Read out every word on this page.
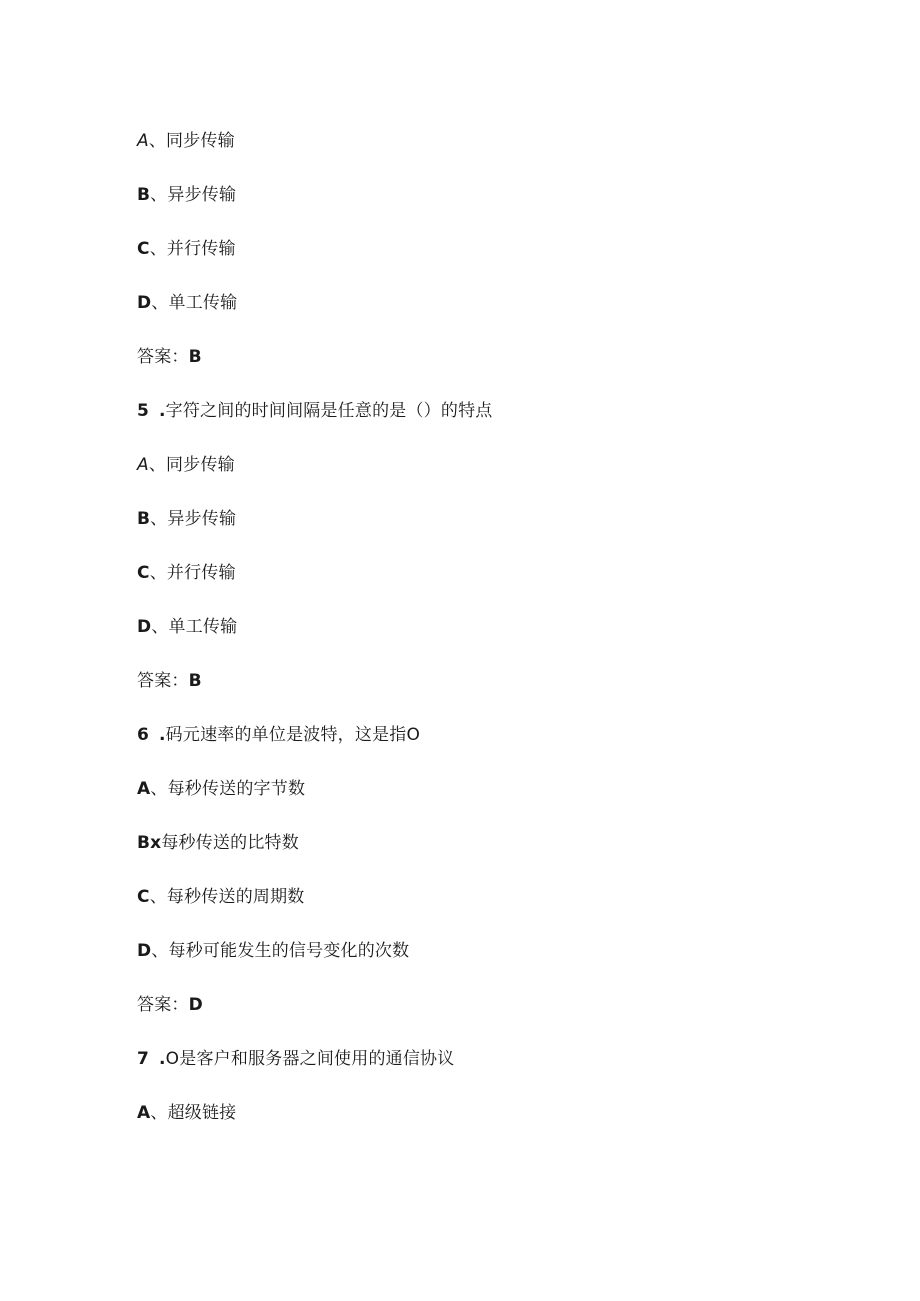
A、同步传输
B、异步传输
C、并行传输
D、单工传输
答案：B
5 .字符之间的时间间隔是任意的是（）的特点
A、同步传输
B、异步传输
C、并行传输
D、单工传输
答案：B
6 .码元速率的单位是波特，这是指O
A、每秒传送的字节数
Bx每秒传送的比特数
C、每秒传送的周期数
D、每秒可能发生的信号变化的次数
答案：D
7 .O是客户和服务器之间使用的通信协议
A、超级链接
